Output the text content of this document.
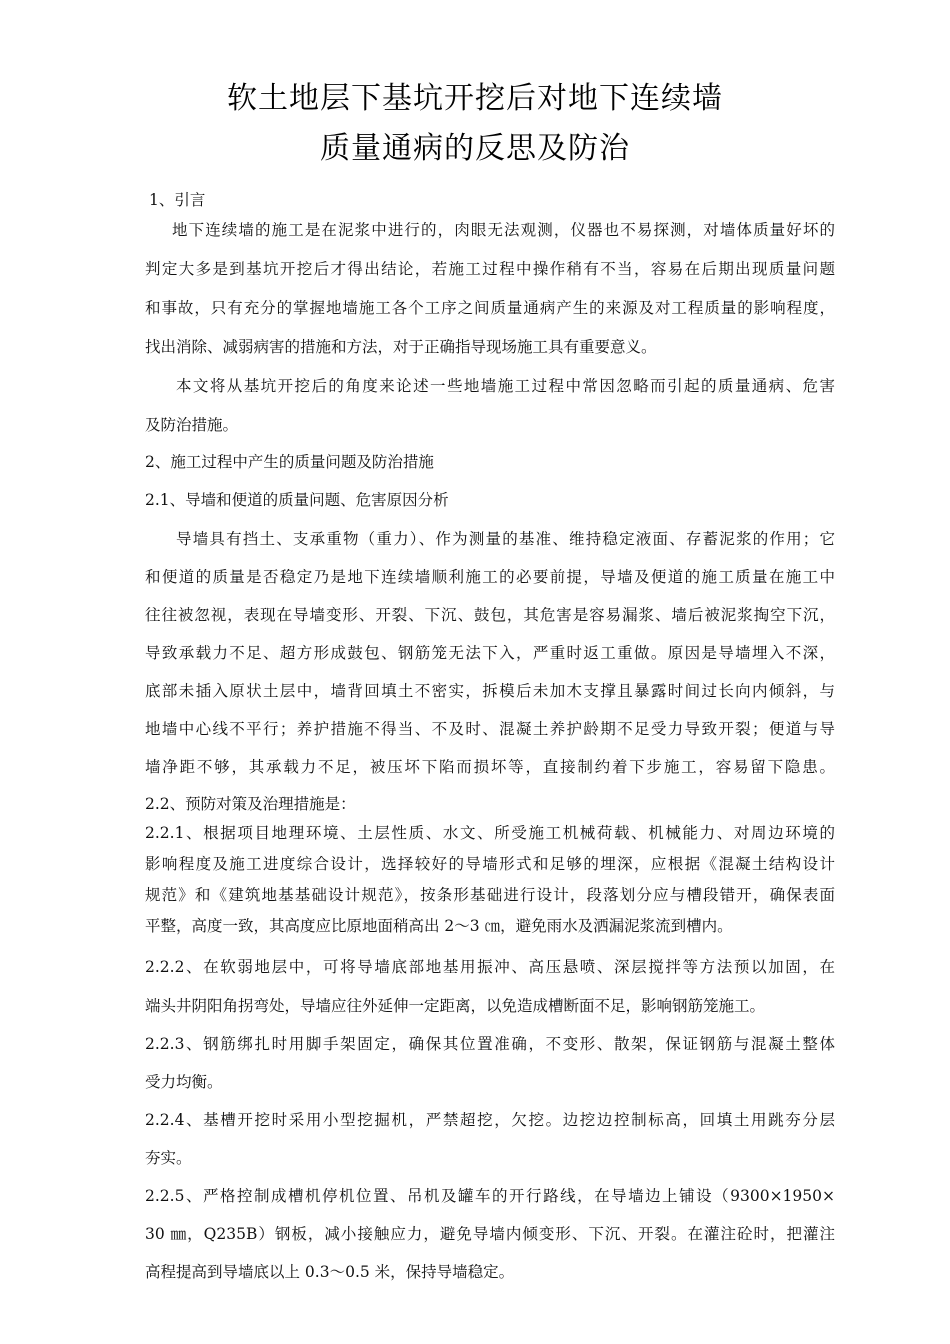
软土地层下基坑开挖后对地下连续墙
质量通病的反思及防治
1、引言
地下连续墙的施工是在泥浆中进行的，肉眼无法观测，仪器也不易探测，对墙体质量好坏的
判定大多是到基坑开挖后才得出结论，若施工过程中操作稍有不当，容易在后期出现质量问题
和事故，只有充分的掌握地墙施工各个工序之间质量通病产生的来源及对工程质量的影响程度，
找出消除、减弱病害的措施和方法，对于正确指导现场施工具有重要意义。
本文将从基坑开挖后的角度来论述一些地墙施工过程中常因忽略而引起的质量通病、危害
及防治措施。
2、施工过程中产生的质量问题及防治措施
2.1、导墙和便道的质量问题、危害原因分析
导墙具有挡土、支承重物（重力）、作为测量的基准、维持稳定液面、存蓄泥浆的作用；它
和便道的质量是否稳定乃是地下连续墙顺利施工的必要前提，导墙及便道的施工质量在施工中
往往被忽视，表现在导墙变形、开裂、下沉、鼓包，其危害是容易漏浆、墙后被泥浆掏空下沉，
导致承载力不足、超方形成鼓包、钢筋笼无法下入，严重时返工重做。原因是导墙埋入不深，
底部未插入原状土层中，墙背回填土不密实，拆模后未加木支撑且暴露时间过长向内倾斜，与
地墙中心线不平行；养护措施不得当、不及时、混凝土养护龄期不足受力导致开裂；便道与导
墙净距不够，其承载力不足，被压坏下陷而损坏等，直接制约着下步施工，容易留下隐患。
2.2、预防对策及治理措施是：
2.2.1、根据项目地理环境、土层性质、水文、所受施工机械荷载、机械能力、对周边环境的
影响程度及施工进度综合设计，选择较好的导墙形式和足够的埋深，应根据《混凝土结构设计
规范》和《建筑地基基础设计规范》，按条形基础进行设计，段落划分应与槽段错开，确保表面
平整，高度一致，其高度应比原地面稍高出 2～3 ㎝，避免雨水及洒漏泥浆流到槽内。
2.2.2、在软弱地层中，可将导墙底部地基用振冲、高压悬喷、深层搅拌等方法预以加固，在
端头井阴阳角拐弯处，导墙应往外延伸一定距离，以免造成槽断面不足，影响钢筋笼施工。
2.2.3、钢筋绑扎时用脚手架固定，确保其位置准确，不变形、散架，保证钢筋与混凝土整体
受力均衡。
2.2.4、基槽开挖时采用小型挖掘机，严禁超挖，欠挖。边挖边控制标高，回填土用跳夯分层
夯实。
2.2.5、严格控制成槽机停机位置、吊机及罐车的开行路线，在导墙边上铺设（9300×1950×
30 ㎜，Q235B）钢板，减小接触应力，避免导墙内倾变形、下沉、开裂。在灌注砼时，把灌注
高程提高到导墙底以上 0.3～0.5 米，保持导墙稳定。
